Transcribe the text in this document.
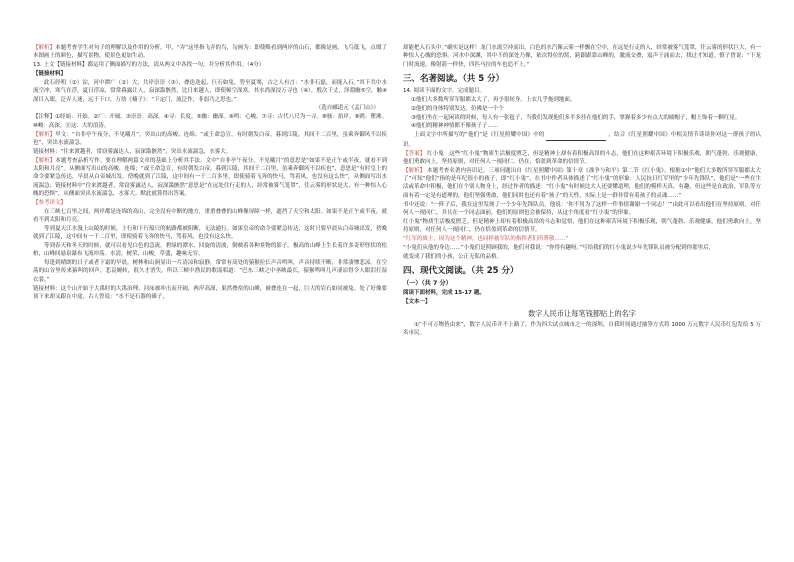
【解析】本题考查学生对句子的理解以及作用的分析。甲，“弄”这里指飞弄的鸟，勾画为：即使略看到两岸的山石，都像是画，飞鸟低飞，点缀了本图画上的颜色，描写景物，使景色更加生动。
13. 上文【链接材料】都运用了侧面描写的方法，请从两文中各找一句，并分析其作用。（4分）
【链接材料】
此石经明（①）淙，河中潭广（②）大，共岸崇崇（③），叠迭迭起，巨石如兔，势至夏骞，古之人有言：“水非石磊，而能入石。”其下共中水流空冲，寒气在浮，夏日浮凉，常常暮露让人，寂深滥骸然，比日来越人，即使顿空深寒，其水尚深浸万寻也（④），殷次千丈，泽淵幽⑤空，触④深目入眼，泛弄人迷，远于下口，万幼《楠子》：“下定门，流泛作，非弱乃之思也。”
（选自郦道元《孟门山》）
【注释】①经始：开始。②广：开阔。③崇崇：高深。④寻：长度。⑤幽：幽深。⑥鸣：心峻。⑦寻：古代八尺为一寻。⑧骇：拍岸。⑨鸥：瞿沸。⑩峻：高深。⑪这：大的浪涛。
【解析】甲文：“自非亭午夜分，不见曦月”，突出山的高峻、连绵；“或王命急宣，有时朝发白帝，暮到江陵，其间千二百里，虽乘奔御风不以疾也”，突出水流湍急。
链接材料：“往来渡越者，常窃雾露达人，寂深滥骸然”，突出水流湍急，水雾大。
【解析】本题考查品析写作。要在理解两篇文章的基础上分析其手法。文中“自非亭午夜分，不见曦月”的意思是“如果不是正午或半夜，就看不到太阳和月亮”。从侧面写出山的高峻、连绵；“或王命急宣，有时朝发白帝，暮到江陵，其间千二百里，虽乘奔御风不以疾也”，意思是“有时皇上的命令要紧急传达，早晨从白帝城出发，傍晚就到了江陵，这中间有一千二百多里，即使骑着飞奔的快马，驾着风，也没有这么快”，从侧面写出水流湍急；链接材料中“往来渡越者，常窃雾露达人，寂深滥骸然”意思是“在远处往行走的人，经常被雾气笼罩”，往云雾的形状是大，有一种惊人心魄的恐惧”，从侧面突出水流湍急，水雾大。默此就算得出答案。
【参考译文】
在三峡七百里之间，两岸都是连绵的高山，完全没有中断的地方，重重叠叠的山峰像屏障一样，遮挡了天空和太阳。如果不是正午或半夜，就看不到太阳和月亮。
等到夏天江水漫上山陵的时候，上行和下行船只的航路都被阻断，无法通行。如果皇帝的命令要紧急传达，这时只要早晨从白帝城出发，傍晚就到了江陵，这中间有一千二百里，即使骑着飞奔的快马，驾着风，也没有这么快。
等到春天和冬天的时候，就可以看见白色的急流，碧绿的潭水，回旋的清波，倒映着各种景物的影子。极高的山峰上生长着许多奇形怪状的松柏，山峰间悬泉瀑布飞流冲荡。水清，树荣，山峻，草盛，趣味无穷。
每逢到晴朗的日子或者下霜的早晨，树林和山涧显出一片清凉和寂静，常常有高处的猿猴拉长声音鸣叫，声音持续不断，非常凄惨悲凉。在空荡的山谷里传来猿叫的回声，悲哀婉转，很久才消失。所以三峡中渔民的歌谣唱道：“巴东三峡之中巫峡最长，猿猴鸣叫几声凄凉得令人眼泪打湿衣裳。”
链接材料：这个山开始于大禹时的大禹治理，河床被冲击而开阔，两岸高深，果然叠垒的山峰，被叠连在一起，巨大的岩石如同被兔、处了好像要顶下来却又跟在中途，古人曾说：“水不是石器的碓子，
却能把入石头中。”确实是这样！龙门水流空冲而出，白色的水汽像云雾一样飘在空中，在远处行走的人，经常被雾气笼罩，往云雾的形状巨大，有一种惊人心魄的恐惧。河水中深渊，其中不的深处乃像，依次得位的窝，跨跟跟靠山峰的，激流交叠，震声于涌而去，找过才知道。慎子曾说：“下龙门时流速，像射箭一样快，四匹马拉的车也追不上。”
三、名著阅读。（共 5 分）
14. 阅读下面的文字，完成题目。
①他们大多数所穿军服都太大了，再予很短身。上衣几乎拖到地面。
②他们的身体特别发达，仿佛是一个个
③他们坐在一起闲谈的时候，每人有一张毡子，当我们发现他们多半多挂在他们的手，掌握着多少有点大的破帽子，帽上饰着一颗红星。
④他们的精神神情都不像孩子子……
上面文字中所描写的“他们”是《红星照耀中国》中的	，结合《红星照耀中国》中相关情节谈谈你对这一群孩子的认识。
【答案】 红小鬼 这些“红小鬼”物质生活极度匮乏，但是精神上却有着积极高昂的斗志，他们在这种艰苦环境下积极乐观，朝气蓬勃、乐观健康，他们勇敢向上，坚持原则，对任何人一视同仁，仍在，恰盈到革命的信情节。
【解析】 本题考查名著内容识记。三项问题出自《红星照耀中国》第十章《战争与和平》第二节《红小鬼》。根据①中“他们大多数所穿军服都太大了”可知“他们”指的是年纪很小的孩子，即“红小鬼”，在书中作者具体描述了“红小鬼”的形象：人民抗日红军里的“少年先锋队”，他们是“一些在生活或革命中积极，他们在个别人物身上，经过作者的描述：“红小鬼”有时候比大人还要懂道理，他们的模样天真、有趣，但这些是在政治、军队等方面有着一定是有道理的，他们坚强勇敢，他们同时也还有着“孩子”的天性，实际上是一群非常有着孩子的灵魂……”
书中还说：“一阵子后，我在这里发现了一个少年先锋队员，他说：‘你不用为了这样一件事情谢谢一个同志！’”由此可以看出他们在坚持原则，对任何人一视同仁，并且在一个同志面前，他们的原则也会被保持，从这个角度看“红小鬼”的形象。
红小鬼”物质生活极度匮乏，但是精神上却有着积极高昂的斗志和觉悟，他们在这种艰苦环境下积极乐观，朝气蓬勃、乐观健康，他们勇敢向上，坚持原则，对任何人一视同仁，仍在恰盈到革命的信情节。
“红军的战士，因为这个精神，也同样被军队的指挥者们所尊敬……”
“小兔们从他的身边……”小鬼们是照顾我的，他们对我说：“你得有趣呀。”写给我们的红小鬼说少年先锋队员被分配到你那里后，
就变成了我们的小孩，公正无私的品格。
四、现代文阅读。（共 25 分）
（一）（共 7 分）
阅读下面材料，完成 15-17 题。
【文本一】
数字人民币让每笔钱都贴上的名字
①“不可万物皆由来”，数字人民币并不上路了，作为四大试点城市之一的深圳，自我时间通过抽签方式将 1000 万元数字人民币红包发给 5 万名市民。
